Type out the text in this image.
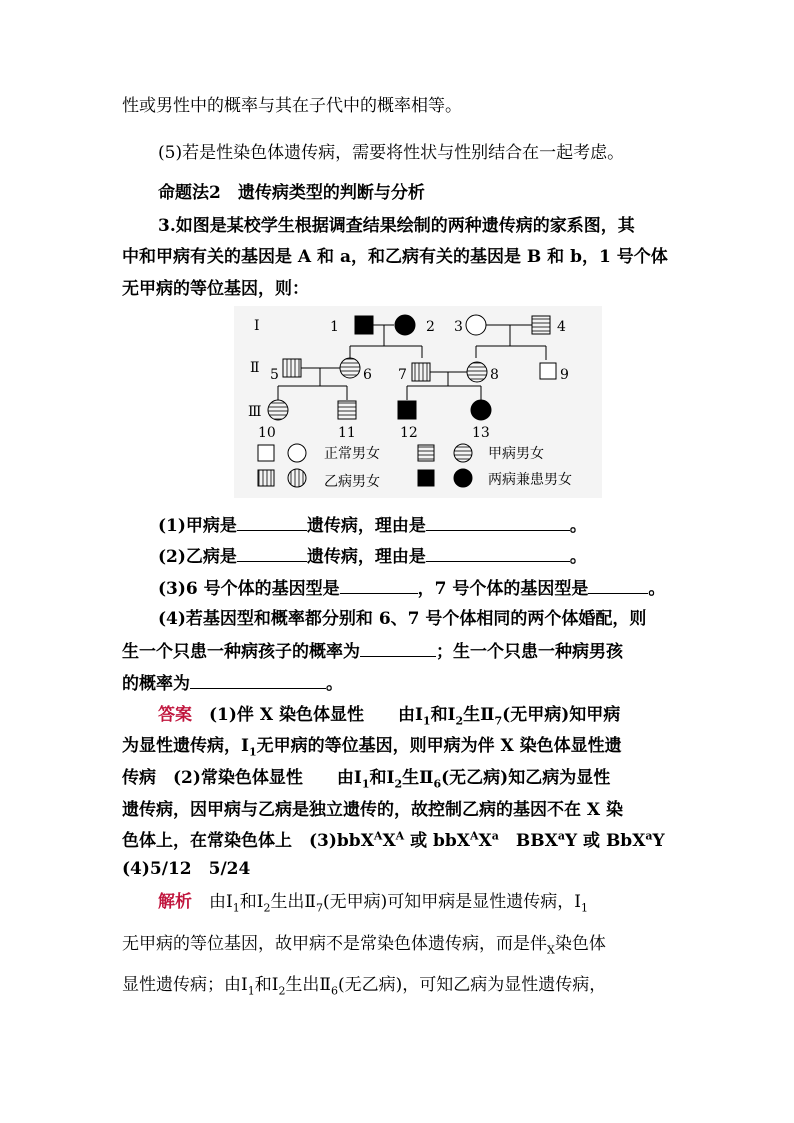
性或男性中的概率与其在子代中的概率相等。
(5)若是性染色体遗传病，需要将性状与性别结合在一起考虑。
命题法2　遗传病类型的判断与分析
3.如图是某校学生根据调查结果绘制的两种遗传病的家系图，其
中和甲病有关的基因是 A 和 a，和乙病有关的基因是 B 和 b，1 号个体
无甲病的等位基因，则：
Ⅰ
Ⅱ
Ⅲ
1	2 3	4
5	6 7	8	9
10	11	12	13
正常男女	甲病男女
乙病男女	两病兼患男女
(1)甲病是	遗传病，理由是	。
(2)乙病是	遗传病，理由是	。
(3)6 号个体的基因型是	，7 号个体的基因型是	。
(4)若基因型和概率都分别和 6、7 号个体相同的两个体婚配，则
生一个只患一种病孩子的概率为	；生一个只患一种病男孩
的概率为	。
答案　 (1)伴 X 染色体显性　　由$Ⅰ_1$和$Ⅰ_2$生$Ⅱ_7$(无甲病)知甲病
为显性遗传病，$Ⅰ_1$无甲病的等位基因，则甲病为伴 X 染色体显性遗
传病　(2)常染色体显性　　由$Ⅰ_1$和$Ⅰ_2$生$Ⅱ_6$(无乙病)知乙病为显性
遗传病，因甲病与乙病是独立遗传的，故控制乙病的基因不在 X 染
色体上，在常染色体上　$(3)bbX^AX^A$ 或 $bbX^AX^a$　BBX$^a$Y 或 BbX$^a$Y
(4)5/12　5/24
解析　 由$Ⅰ_1$和$Ⅰ_2$生出$Ⅱ_7$(无甲病)可知甲病是显性遗传病，$Ⅰ_1$
无甲病的等位基因，故甲病不是常染色体遗传病，而是伴$_X$染色体
显性遗传病；由$Ⅰ_1$和$Ⅰ_2$生出$Ⅱ_6$(无乙病)，可知乙病为显性遗传病，
